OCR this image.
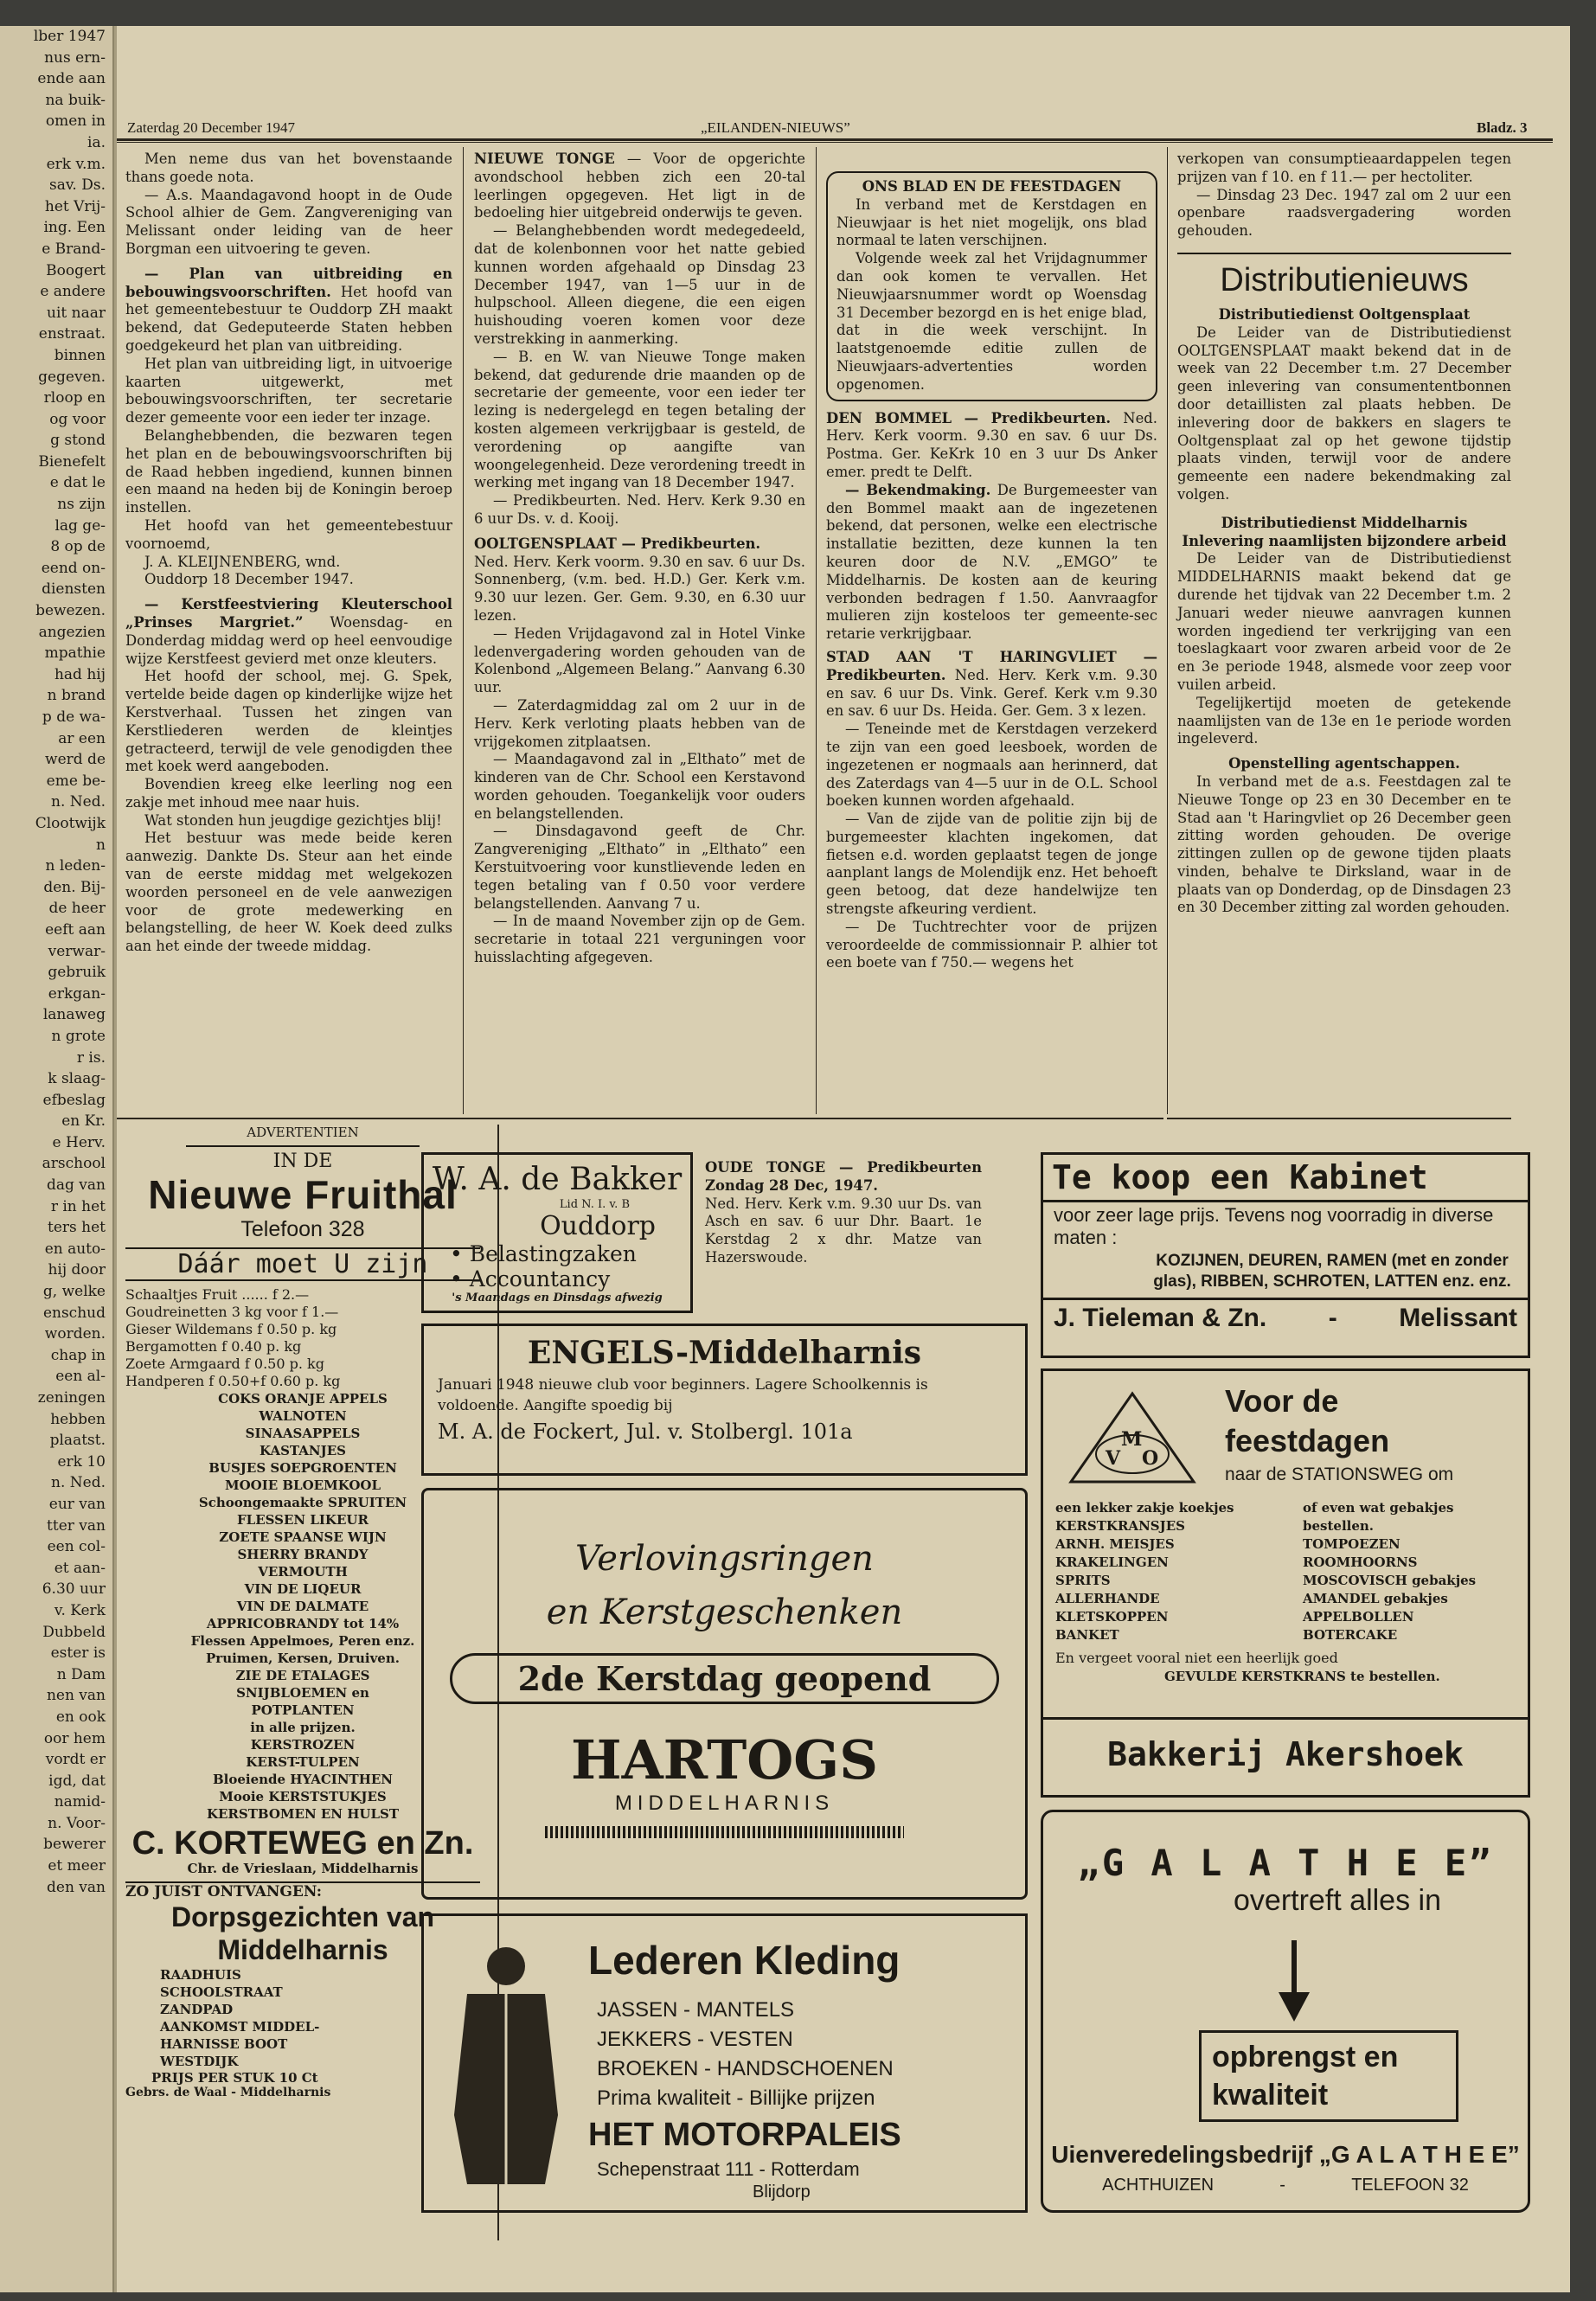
lber 1947
nus ern-
ende aan
na buik-
omen in
ia.
erk v.m.
sav. Ds.
het Vrij-
ing. Een
e Brand-
Boogert
e andere
uit naar
enstraat.
binnen
gegeven.
rloop en
og voor
g stond
Bienefelt
e dat le
ns zijn
lag ge-
8 op de
eend on-
diensten
bewezen.
angezien
mpathie
had hij
n brand
p de wa-
ar een
werd de
eme be-
n. Ned.
Clootwijk
n
n leden-
den. Bij-
de heer
eeft aan
verwar-
gebruik
erkgan-
lanaweg
n grote
r is.
k slaag-
efbeslag
en Kr.
e Herv.
arschool
dag van
r in het
ters het
en auto-
hij door
g, welke
enschud
worden.
chap in
een al-
zeningen
hebben
plaatst.
erk 10
n. Ned.
eur van
tter van
een col-
et aan-
6.30 uur
v. Kerk
Dubbeld
ester is
n Dam
nen van
en ook
oor hem
vordt er
igd, dat
namid-
n. Voor-
bewerer
et meer
den van
Zaterdag 20 December 1947	„EILANDEN-NIEUWS”	Bladz. 3

Men neme dus van het bovenstaande thans goede nota.

— A.s. Maandagavond hoopt in de Oude School alhier de Gem. Zangvereniging van Melissant onder leiding van de heer Borgman een uitvoering te geven.

— Plan van uitbreiding en bebouwingsvoorschriften. Het hoofd van het gemeentebestuur te Ouddorp ZH maakt bekend, dat Gedeputeerde Staten hebben goedgekeurd het plan van uitbreiding.

Het plan van uitbreiding ligt, in uitvoerige kaarten uitgewerkt, met bebouwingsvoorschriften, ter secretarie dezer gemeente voor een ieder ter inzage.

Belanghebbenden, die bezwaren tegen het plan en de bebouwingsvoorschriften bij de Raad hebben ingediend, kunnen binnen een maand na heden bij de Koningin beroep instellen.

Het hoofd van het gemeentebestuur voornoemd,

J. A. KLEIJNENBERG, wnd.

Ouddorp 18 December 1947.

— Kerstfeestviering Kleuterschool „Prinses Margriet.” Woensdag- en Donderdag middag werd op heel eenvoudige wijze Kerstfeest gevierd met onze kleuters.

Het hoofd der school, mej. G. Spek, vertelde beide dagen op kinderlijke wijze het Kerstverhaal. Tussen het zingen van Kerstliederen werden de kleintjes getracteerd, terwijl de vele genodigden thee met koek werd aangeboden.

Bovendien kreeg elke leerling nog een zakje met inhoud mee naar huis.

Wat stonden hun jeugdige gezichtjes blij!

Het bestuur was mede beide keren aanwezig. Dankte Ds. Steur aan het einde van de eerste middag met welgekozen woorden personeel en de vele aanwezigen voor de grote medewerking en belangstelling, de heer W. Koek deed zulks aan het einde der tweede middag.

NIEUWE TONGE — Voor de opgerichte avondschool hebben zich een 20-tal leerlingen opgegeven. Het ligt in de bedoeling hier uitgebreid onderwijs te geven.

— Belanghebbenden wordt medegedeeld, dat de kolenbonnen voor het natte gebied kunnen worden afgehaald op Dinsdag 23 December 1947, van 1—5 uur in de hulpschool. Alleen diegene, die een eigen huishouding voeren komen voor deze verstrekking in aanmerking.

— B. en W. van Nieuwe Tonge maken bekend, dat gedurende drie maanden op de secretarie der gemeente, voor een ieder ter lezing is nedergelegd en tegen betaling der kosten algemeen verkrijgbaar is gesteld, de verordening op aangifte van woongelegenheid. Deze verordening treedt in werking met ingang van 18 December 1947.

— Predikbeurten. Ned. Herv. Kerk 9.30 en 6 uur Ds. v. d. Kooij.

OOLTGENSPLAAT — Predikbeurten.

Ned. Herv. Kerk voorm. 9.30 en sav. 6 uur Ds. Sonnenberg, (v.m. bed. H.D.) Ger. Kerk v.m. 9.30 uur lezen. Ger. Gem. 9.30, en 6.30 uur lezen.

— Heden Vrijdagavond zal in Hotel Vinke ledenvergadering worden gehouden van de Kolenbond „Algemeen Belang.” Aanvang 6.30 uur.

— Zaterdagmiddag zal om 2 uur in de Herv. Kerk verloting plaats hebben van de vrijgekomen zitplaatsen.

— Maandagavond zal in „Elthato” met de kinderen van de Chr. School een Kerstavond worden gehouden. Toegankelijk voor ouders en belangstellenden.

— Dinsdagavond geeft de Chr. Zangvereniging „Elthato” in „Elthato” een Kerstuitvoering voor kunstlievende leden en tegen betaling van f 0.50 voor verdere belangstellenden. Aanvang 7 u.

— In de maand November zijn op de Gem. secretarie in totaal 221 verguningen voor huisslachting afgegeven.

ONS BLAD EN DE FEESTDAGEN

In verband met de Kerstdagen en Nieuwjaar is het niet mogelijk, ons blad normaal te laten verschijnen.

Volgende week zal het Vrijdagnummer dan ook komen te vervallen. Het Nieuwjaarsnummer wordt op Woensdag 31 December bezorgd en is het enige blad, dat in die week verschijnt. In laatstgenoemde editie zullen de Nieuwjaars-advertenties worden opgenomen.

DEN BOMMEL — Predikbeurten. Ned. Herv. Kerk voorm. 9.30 en sav. 6 uur Ds. Postma. Ger. KeKrk 10 en 3 uur Ds Anker emer. predt te Delft.

— Bekendmaking. De Burgemeester van den Bommel maakt aan de ingezetenen bekend, dat personen, welke een electrische installatie bezitten, deze kunnen la ten keuren door de N.V. „EMGO” te Middelharnis. De kosten aan de keuring verbonden bedragen f 1.50. Aanvraagfor mulieren zijn kosteloos ter gemeente-sec retarie verkrijgbaar.

STAD AAN 'T HARINGVLIET — Predikbeurten. Ned. Herv. Kerk v.m. 9.30 en sav. 6 uur Ds. Vink. Geref. Kerk v.m 9.30 en sav. 6 uur Ds. Heida. Ger. Gem. 3 x lezen.

— Teneinde met de Kerstdagen verzekerd te zijn van een goed leesboek, worden de ingezetenen er nogmaals aan herinnerd, dat des Zaterdags van 4—5 uur in de O.L. School boeken kunnen worden afgehaald.

— Van de zijde van de politie zijn bij de burgemeester klachten ingekomen, dat fietsen e.d. worden geplaatst tegen de jonge aanplant langs de Molendijk enz. Het behoeft geen betoog, dat deze handelwijze ten strengste afkeuring verdient.

— De Tuchtrechter voor de prijzen veroordeelde de commissionnair P. alhier tot een boete van f 750.— wegens het

verkopen van consumptieaardappelen tegen prijzen van f 10. en f 11.— per hectoliter.

— Dinsdag 23 Dec. 1947 zal om 2 uur een openbare raadsvergadering worden gehouden.

Distributienieuws

Distributiedienst Ooltgensplaat

De Leider van de Distributiedienst OOLTGENSPLAAT maakt bekend dat in de week van 22 December t.m. 27 December geen inlevering van consumententbonnen door detaillisten zal plaats hebben. De inlevering door de bakkers en slagers te Ooltgensplaat zal op het gewone tijdstip plaats vinden, terwijl voor de andere gemeente een nadere bekendmaking zal volgen.

Distributiedienst Middelharnis

Inlevering naamlijsten bijzondere arbeid

De Leider van de Distributiedienst MIDDELHARNIS maakt bekend dat ge durende het tijdvak van 22 December t.m. 2 Januari weder nieuwe aanvragen kunnen worden ingediend ter verkrijging van een toeslagkaart voor zwaren arbeid voor de 2e en 3e periode 1948, alsmede voor zeep voor vuilen arbeid.

Tegelijkertijd moeten de getekende naamlijsten van de 13e en 1e periode worden ingeleverd.

Openstelling agentschappen.

In verband met de a.s. Feestdagen zal te Nieuwe Tonge op 23 en 30 December en te Stad aan 't Haringvliet op 26 December geen zitting worden gehouden. De overige zittingen zullen op de gewone tijden plaats vinden, behalve te Dirksland, waar in de plaats van op Donderdag, op de Dinsdagen 23 en 30 December zitting zal worden gehouden.

ADVERTENTIEN
IN DE
Nieuwe Fruithal
Telefoon 328
Dáár moet U zijn
Schaaltjes Fruit ...... f 2.—
Goudreinetten 3 kg voor f 1.—
Gieser Wildemans f 0.50 p. kg
Bergamotten f 0.40 p. kg
Zoete Armgaard f 0.50 p. kg
Handperen f 0.50+f 0.60 p. kg
COKS ORANJE APPELS
WALNOTEN
SINAASAPPELS
KASTANJES
BUSJES SOEPGROENTEN
MOOIE BLOEMKOOL
Schoongemaakte SPRUITEN
FLESSEN LIKEUR
ZOETE SPAANSE WIJN
SHERRY BRANDY
VERMOUTH
VIN DE LIQEUR
VIN DE DALMATE
APPRICOBRANDY tot 14%
Flessen Appelmoes, Peren enz.
Pruimen, Kersen, Druiven.
ZIE DE ETALAGES
SNIJBLOEMEN en
POTPLANTEN
in alle prijzen.
KERSTROZEN
KERST-TULPEN
Bloeiende HYACINTHEN
Mooie KERSTSTUKJES
KERSTBOMEN EN HULST
C. KORTEWEG en Zn.
Chr. de Vrieslaan, Middelharnis
ZO JUIST ONTVANGEN:
Dorpsgezichten van Middelharnis
RAADHUIS
SCHOOLSTRAAT
ZANDPAD
AANKOMST MIDDEL-
HARNISSE BOOT
WESTDIJK
PRIJS PER STUK 10 Ct
Gebrs. de Waal - Middelharnis
W. A. de Bakker
Lid N. I. v. B
Ouddorp
• Belastingzaken
• Accountancy
's Maandags en Dinsdags afwezig

OUDE TONGE — Predikbeurten Zondag 28 Dec, 1947.

Ned. Herv. Kerk v.m. 9.30 uur Ds. van Asch en sav. 6 uur Dhr. Baart. 1e Kerstdag 2 x dhr. Matze van Hazerswoude.

ENGELS-Middelharnis
Januari 1948 nieuwe club voor beginners. Lagere Schoolkennis is voldoende. Aangifte spoedig bij
M. A. de Fockert, Jul. v. Stolbergl. 101a
Verlovingsringen
en Kerstgeschenken
2de Kerstdag geopend
HARTOGS
MIDDELHARNIS
Lederen Kleding
JASSEN - MANTELS
JEKKERS - VESTEN
BROEKEN - HANDSCHOENEN
Prima kwaliteit - Billijke prijzen
HET MOTORPALEIS
Schepenstraat 111 - Rotterdam
Blijdorp
Te koop een Kabinet
voor zeer lage prijs. Tevens nog voorradig in diverse maten :
KOZIJNEN, DEUREN, RAMEN (met en zonder glas), RIBBEN, SCHROTEN, LATTEN enz. enz.
J. Tieleman & Zn. - Melissant
M
V O
Voor de
feestdagen
naar de STATIONSWEG om
een lekker zakje koekjes
KERSTKRANSJES
ARNH. MEISJES
KRAKELINGEN
SPRITS
ALLERHANDE
KLETSKOPPEN
BANKET
of even wat gebakjes
bestellen.
TOMPOEZEN
ROOMHOORNS
MOSCOVISCH gebakjes
AMANDEL gebakjes
APPELBOLLEN
BOTERCAKE
En vergeet vooral niet een heerlijk goed
GEVULDE KERSTKRANS te bestellen.
Bakkerij Akershoek
„G A L A T H E E”
overtreft alles in
opbrengst en kwaliteit
Uienveredelingsbedrijf „G A L A T H E E”
ACHTHUIZEN	-	TELEFOON 32
